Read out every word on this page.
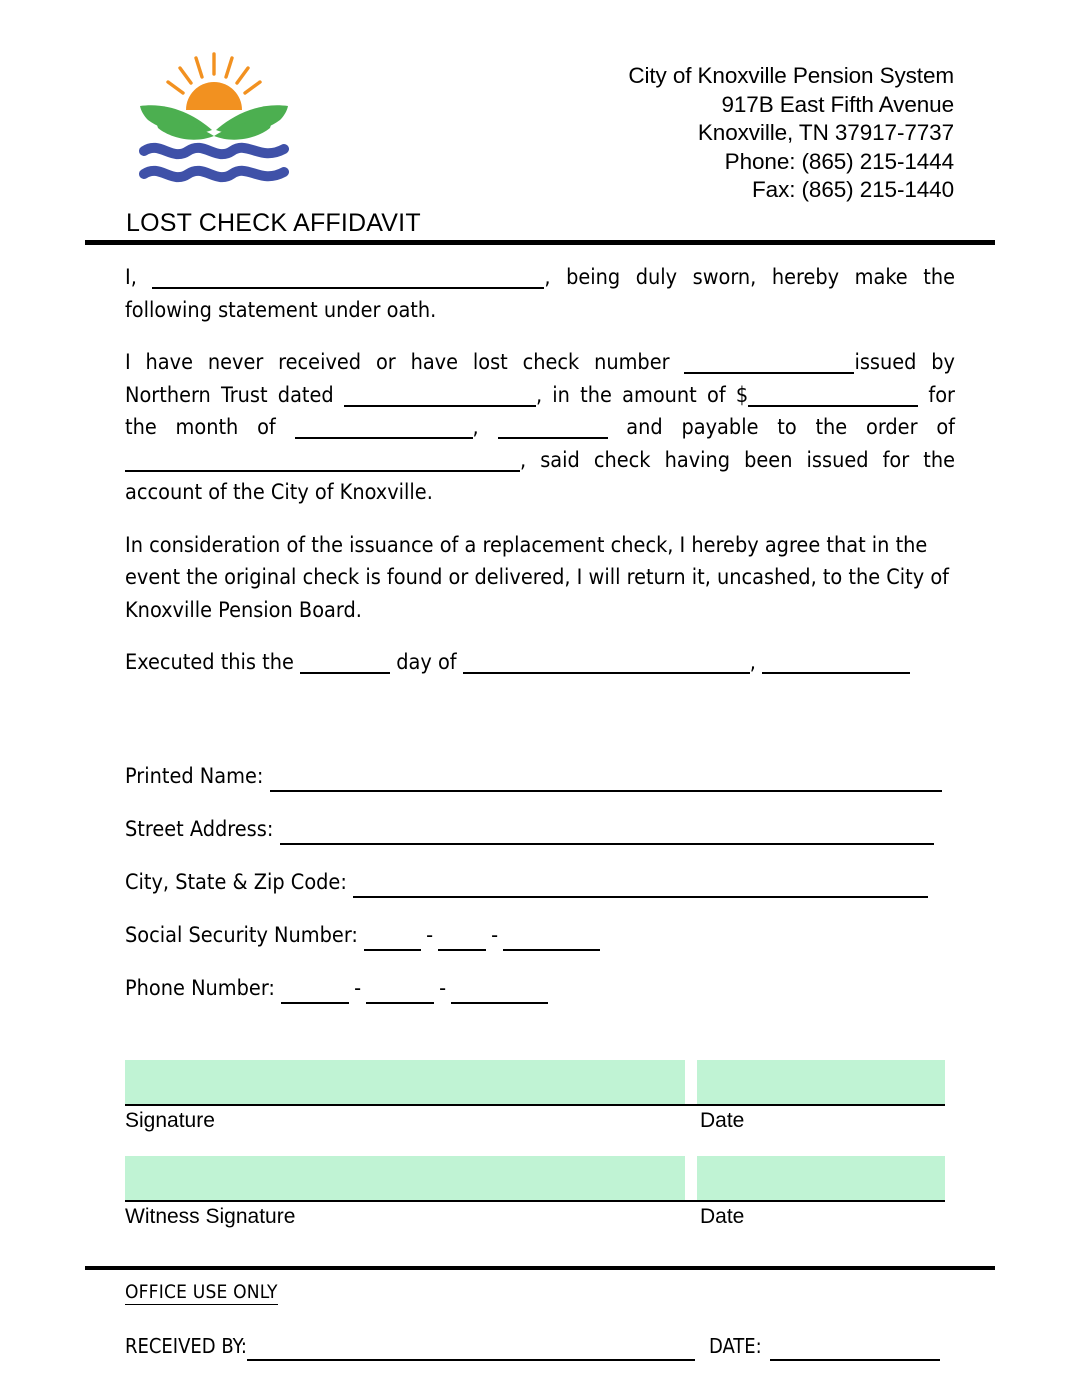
City of Knoxville Pension System
917B East Fifth Avenue
Knoxville, TN 37917-7737
Phone: (865) 215-1444
Fax: (865) 215-1440
LOST CHECK AFFIDAVIT

I,	, being duly sworn, hereby make the following statement under oath.

I have never received or have lost check number	issued by Northern Trust dated	, in the amount of $	for the month of	,	and payable to the order of , said check having been issued for the account of the City of Knoxville.

In consideration of the issuance of a replacement check, I hereby agree that in the event the original check is found or delivered, I will return it, uncashed, to the City of Knoxville Pension Board.

Executed this the	day of	,

Printed Name:
Street Address:
City, State & Zip Code:
Social Security Number:	-	-
Phone Number:	-	-
Signature	Date
Witness Signature	Date
OFFICE USE ONLY
RECEIVED BY:	DATE:
